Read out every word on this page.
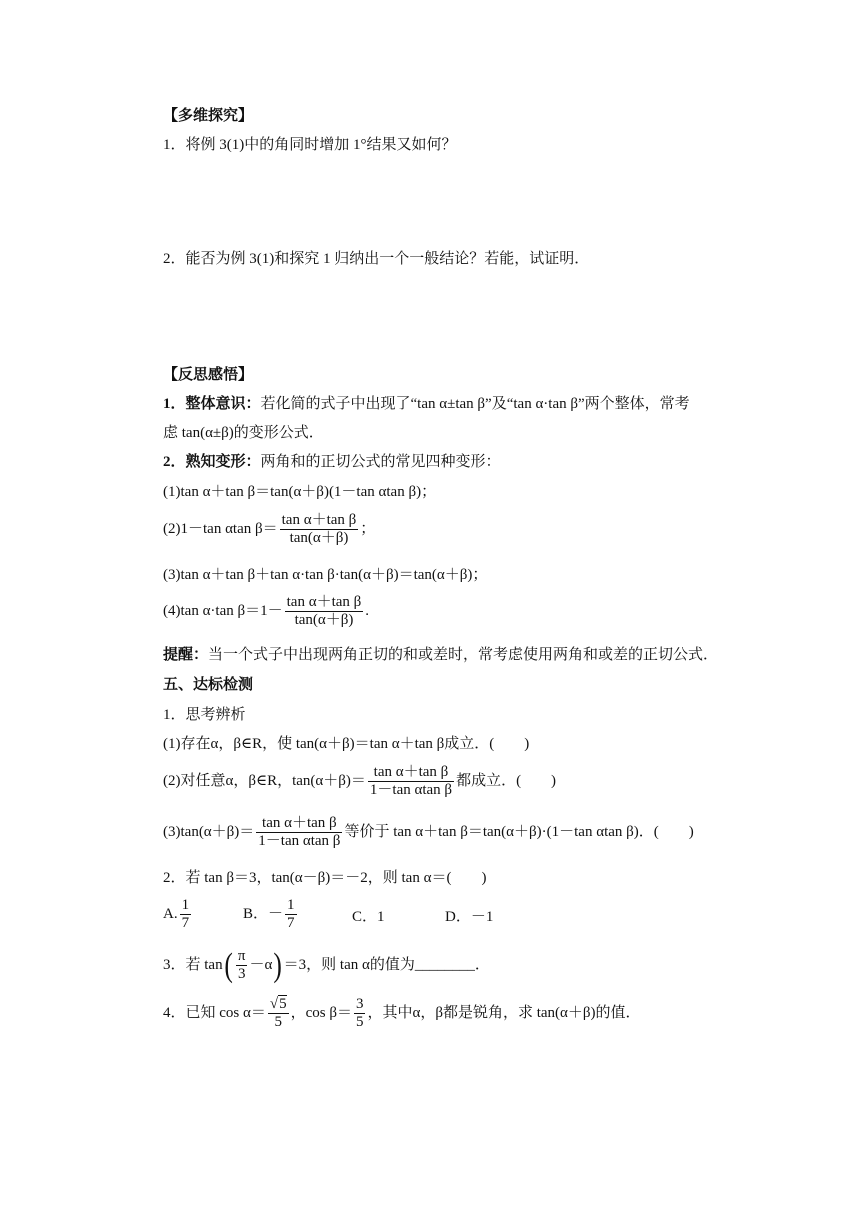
【多维探究】
1．将例 3(1)中的角同时增加 1°结果又如何？
2．能否为例 3(1)和探究 1 归纳出一个一般结论？若能，试证明．
【反思感悟】
1．整体意识：若化简的式子中出现了“tan α±tan β”及“tan α·tan β”两个整体，常考
虑 tan(α±β)的变形公式．
2．熟知变形：两角和的正切公式的常见四种变形：
(1)tan α＋tan β＝tan(α＋β)(1－tan αtan β)；
(2)1－tan αtan $\beta= \frac{\text{tan α＋tan β}}{\tan(\alpha+\beta)}$ ；
(3)tan α＋tan β＋tan α·tan β·tan(α＋β)＝tan(α＋β)；
(4)tan α·tan $\beta=1- \frac{\text{tan α＋tan β}}{\tan(\alpha+\beta)}$ .
提醒：当一个式子中出现两角正切的和或差时，常考虑使用两角和或差的正切公式．
五、达标检测
1．思考辨析
(1)存在α，β∈R，使 tan(α＋β)＝tan α＋tan β成立．(　　)
(2)对任意α，β∈R，$\tan(\alpha+\beta)= \frac{\text{tan α＋tan β}}{\text{1－tan αtan β}}$ 都成立．(　　)
$(3)\tan(\alpha+\beta)= \frac{\text{tan α＋tan β}}{\text{1－tan αtan β}}$ 等价于 tan α＋tan β＝tan(α＋β)·(1－tan αtan β)．(　　)
2．若 tan β＝3，tan(α－β)＝－2，则 tan α＝(　　)
A. $\frac{1}{7}$	B．－ $\frac{1}{7}$	C．1	D．－1
3．若 $\tan( \frac{\pi}{3} -\alpha)=3$，则 tan α的值为________．
4．已知 $\cos \alpha= \frac{√5}{5}$ ，$\cos \beta= \frac{3}{5}$ ，其中α，β都是锐角，求 tan(α＋β)的值．
